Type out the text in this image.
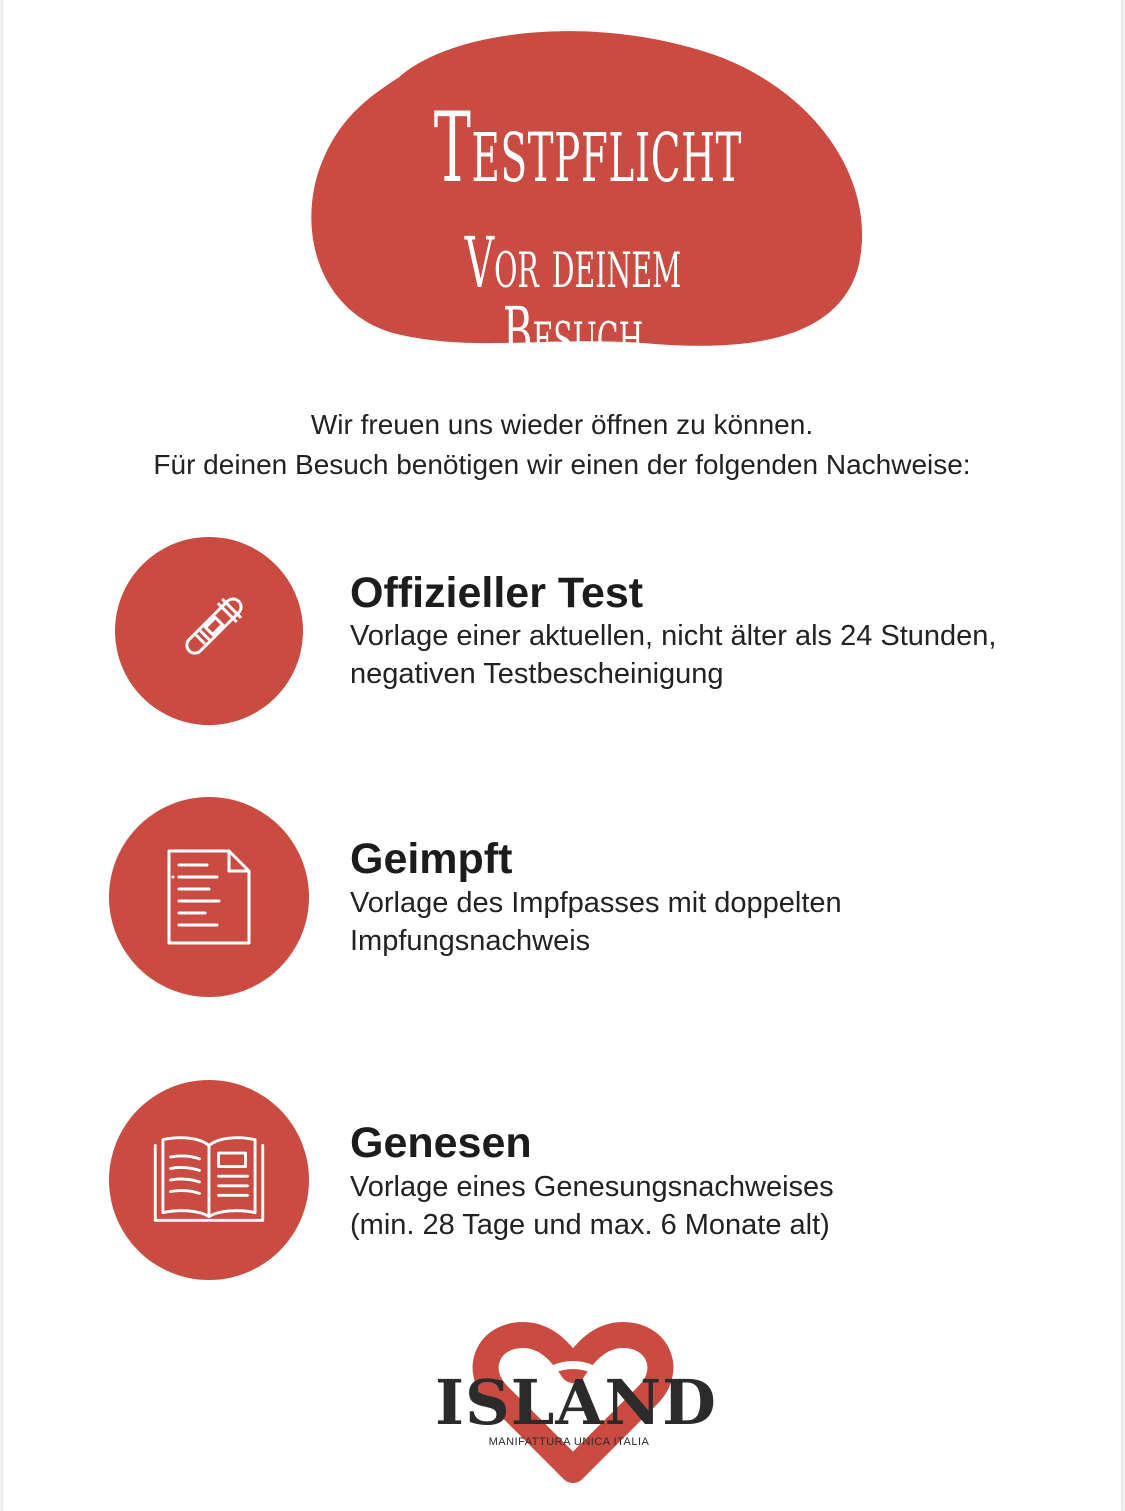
Testpflicht
Vor deinem Besuch
Wir freuen uns wieder öffnen zu können.
Für deinen Besuch benötigen wir einen der folgenden Nachweise:
Offizieller Test
Vorlage einer aktuellen, nicht älter als 24 Stunden,
negativen Testbescheinigung
Geimpft
Vorlage des Impfpasses mit doppelten
Impfungsnachweis
Genesen
Vorlage eines Genesungsnachweises
(min. 28 Tage und max. 6 Monate alt)
ISLAND
MANIFATTURA UNICA ITALIA
